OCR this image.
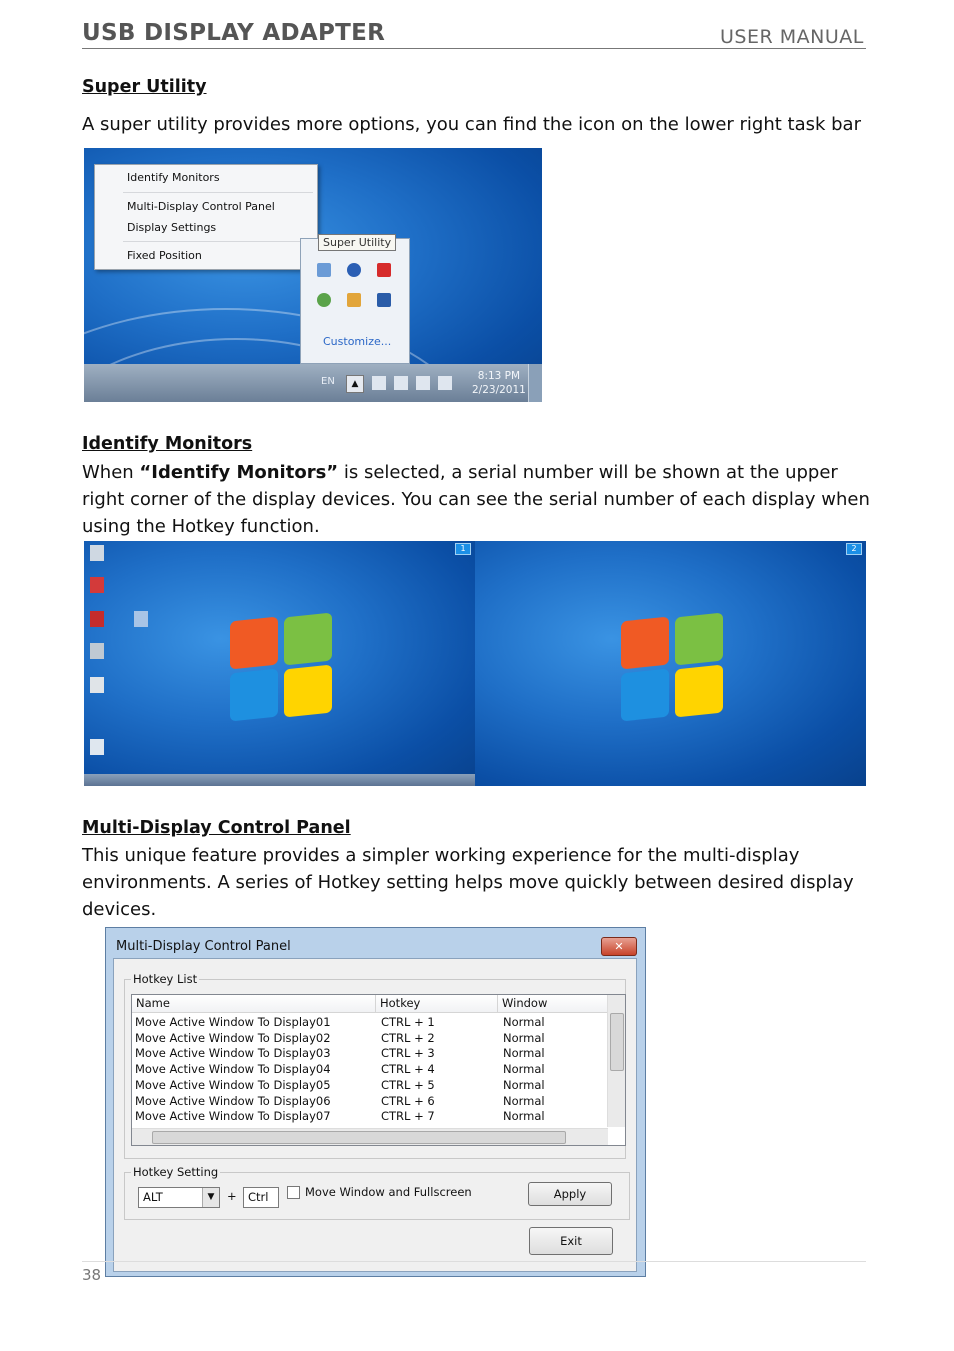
USB DISPLAY ADAPTER	USER MANUAL
Super Utility
A super utility provides more options, you can find the icon on the lower right task bar
Identify Monitors
Multi-Display Control Panel
Display Settings
Fixed Position
Customize...
Super Utility
EN	▲
8:13 PM
2/23/2011
Identify Monitors
When “Identify Monitors” is selected, a serial number will be shown at the upper right corner of the display devices. You can see the serial number of each display when using the Hotkey function.
1	2
Multi-Display Control Panel
This unique feature provides a simpler working experience for the multi-display environments. A series of Hotkey setting helps move quickly between desired display devices.
Multi-Display Control Panel	✕
Hotkey List
Name	Hotkey	Window
Move Active Window To Display01	CTRL + 1	Normal
Move Active Window To Display02	CTRL + 2	Normal
Move Active Window To Display03	CTRL + 3	Normal
Move Active Window To Display04	CTRL + 4	Normal
Move Active Window To Display05	CTRL + 5	Normal
Move Active Window To Display06	CTRL + 6	Normal
Move Active Window To Display07	CTRL + 7	Normal
Hotkey Setting
ALT	▼	+ Ctrl	Move Window and Fullscreen	Apply
Exit
38
